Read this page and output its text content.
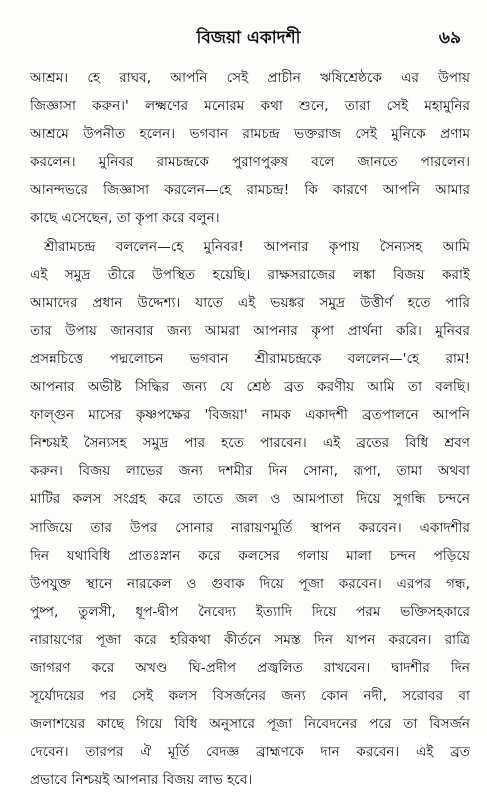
বিজয়া একাদশী	৬৯
আশ্রম। হে রাঘব, আপনি সেই প্রাচীন ঋষিশ্রেষ্ঠকে এর উপায়
জিজ্ঞাসা করুন।' লক্ষ্মণের মনোরম কথা শুনে, তারা সেই মহামুনির
আশ্রমে উপনীত হলেন। ভগবান রামচন্দ্র ভক্তরাজ সেই মুনিকে প্রণাম
করলেন। মুনিবর রামচন্দ্রকে পুরাণপুরুষ বলে জানতে পারলেন।
আনন্দভরে জিজ্ঞাসা করলেন—হে রামচন্দ্র! কি কারণে আপনি আমার
কাছে এসেছেন, তা কৃপা করে বলুন।
শ্রীরামচন্দ্র বললেন—হে মুনিবর! আপনার কৃপায় সৈন্যসহ আমি
এই সমুদ্র তীরে উপস্থিত হয়েছি। রাক্ষসরাজের লঙ্কা বিজয় করাই
আমাদের প্রধান উদ্দেশ্য। যাতে এই ভয়ঙ্কর সমুদ্র উত্তীর্ণ হতে পারি
তার উপায় জানবার জন্য আমরা আপনার কৃপা প্রার্থনা করি। মুনিবর
প্রসন্নচিত্তে পদ্মলোচন ভগবান শ্রীরামচন্দ্রকে বললেন—'হে রাম!
আপনার অভীষ্ট সিদ্ধির জন্য যে শ্রেষ্ঠ ব্রত করণীয় আমি তা বলছি।
ফাল্গুন মাসের কৃষ্ণপক্ষের 'বিজয়া' নামক একাদশী ব্রতপালনে আপনি
নিশ্চয়ই সৈন্যসহ সমুদ্র পার হতে পারবেন। এই ব্রতের বিধি শ্রবণ
করুন। বিজয় লাভের জন্য দশমীর দিন সোনা, রূপা, তামা অথবা
মাটির কলস সংগ্রহ করে তাতে জল ও আমপাতা দিয়ে সুগন্ধি চন্দনে
সাজিয়ে তার উপর সোনার নারায়ণমূর্তি স্থাপন করবেন। একাদশীর
দিন যথাবিধি প্রাতঃস্নান করে কলসের গলায় মালা চন্দন পড়িয়ে
উপযুক্ত স্থানে নারকেল ও গুবাক দিয়ে পূজা করবেন। এরপর গন্ধ,
পুষ্প, তুলসী, ধূপ-দ্বীপ নৈবেদ্য ইত্যাদি দিয়ে পরম ভক্তিসহকারে
নারায়ণের পূজা করে হরিকথা কীর্তনে সমস্ত দিন যাপন করবেন। রাত্রি
জাগরণ করে অখণ্ড ঘি-প্রদীপ প্রজ্বলিত রাখবেন। দ্বাদশীর দিন
সূর্যোদয়ের পর সেই কলস বিসর্জনের জন্য কোন নদী, সরোবর বা
জলাশয়ের কাছে গিয়ে বিধি অনুসারে পূজা নিবেদনের পরে তা বিসর্জন
দেবেন। তারপর ঐ মূর্তি বেদজ্ঞ ব্রাহ্মণকে দান করবেন। এই ব্রত
প্রভাবে নিশ্চয়ই আপনার বিজয় লাভ হবে।
